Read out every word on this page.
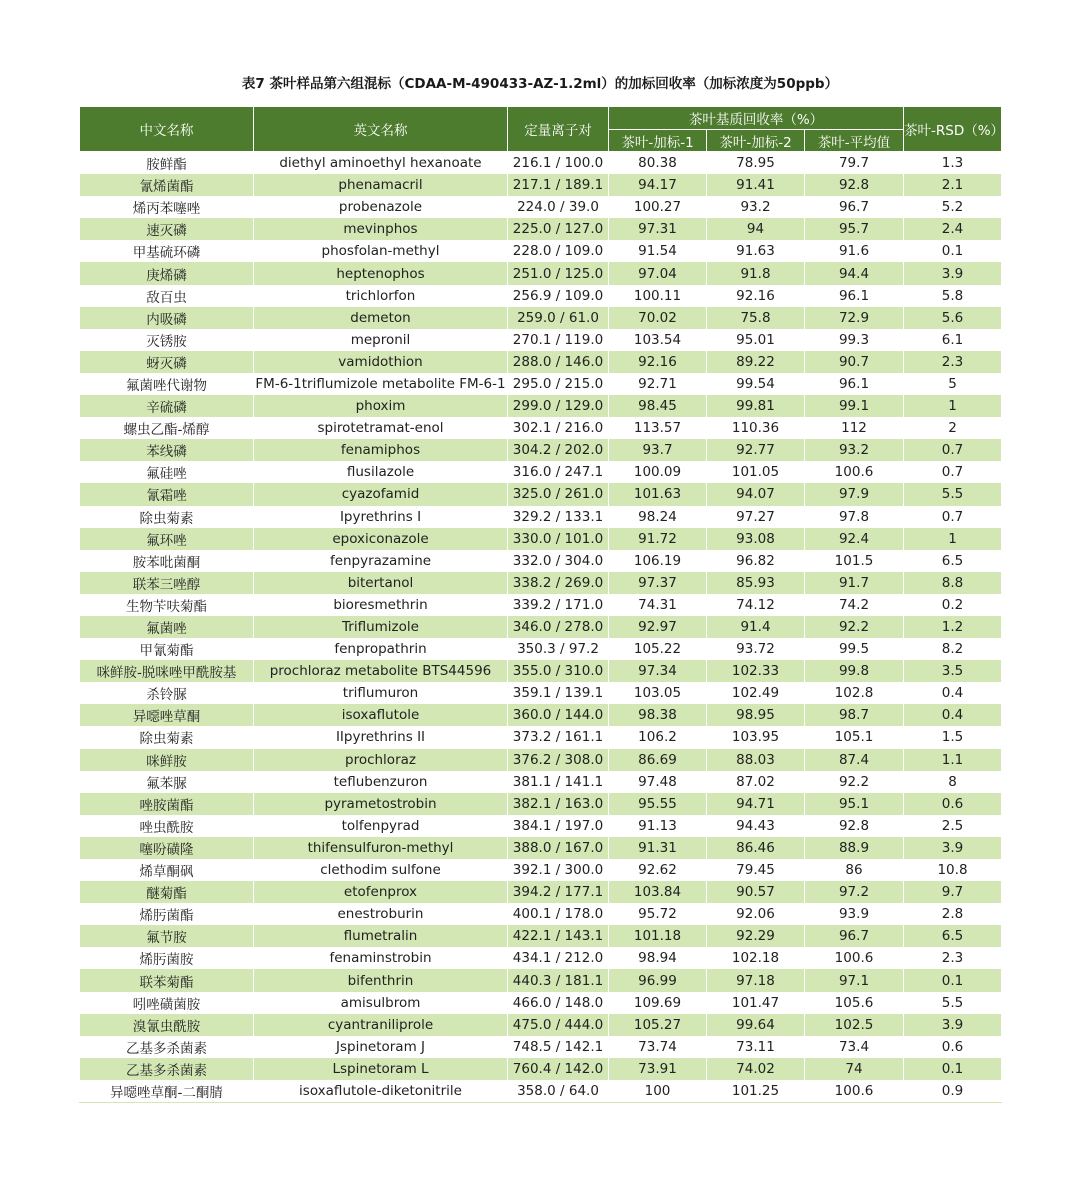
表7 茶叶样品第六组混标（CDAA-M-490433-AZ-1.2ml）的加标回收率（加标浓度为50ppb）
中文名称	英文名称	定量离子对	茶叶基质回收率（%）			茶叶-RSD（%）
			茶叶-加标-1	茶叶-加标-2	茶叶-平均值	
胺鲜酯	diethyl aminoethyl hexanoate	216.1 / 100.0	80.38	78.95	79.7	1.3
氰烯菌酯	phenamacril	217.1 / 189.1	94.17	91.41	92.8	2.1
烯丙苯噻唑	probenazole	224.0 / 39.0	100.27	93.2	96.7	5.2
速灭磷	mevinphos	225.0 / 127.0	97.31	94	95.7	2.4
甲基硫环磷	phosfolan-methyl	228.0 / 109.0	91.54	91.63	91.6	0.1
庚烯磷	heptenophos	251.0 / 125.0	97.04	91.8	94.4	3.9
敌百虫	trichlorfon	256.9 / 109.0	100.11	92.16	96.1	5.8
内吸磷	demeton	259.0 / 61.0	70.02	75.8	72.9	5.6
灭锈胺	mepronil	270.1 / 119.0	103.54	95.01	99.3	6.1
蚜灭磷	vamidothion	288.0 / 146.0	92.16	89.22	90.7	2.3
氟菌唑代谢物	FM-6-1triflumizole metabolite FM-6-1	295.0 / 215.0	92.71	99.54	96.1	5
辛硫磷	phoxim	299.0 / 129.0	98.45	99.81	99.1	1
螺虫乙酯-烯醇	spirotetramat-enol	302.1 / 216.0	113.57	110.36	112	2
苯线磷	fenamiphos	304.2 / 202.0	93.7	92.77	93.2	0.7
氟硅唑	flusilazole	316.0 / 247.1	100.09	101.05	100.6	0.7
氰霜唑	cyazofamid	325.0 / 261.0	101.63	94.07	97.9	5.5
除虫菊素	Ipyrethrins I	329.2 / 133.1	98.24	97.27	97.8	0.7
氟环唑	epoxiconazole	330.0 / 101.0	91.72	93.08	92.4	1
胺苯吡菌酮	fenpyrazamine	332.0 / 304.0	106.19	96.82	101.5	6.5
联苯三唑醇	bitertanol	338.2 / 269.0	97.37	85.93	91.7	8.8
生物苄呋菊酯	bioresmethrin	339.2 / 171.0	74.31	74.12	74.2	0.2
氟菌唑	Triflumizole	346.0 / 278.0	92.97	91.4	92.2	1.2
甲氰菊酯	fenpropathrin	350.3 / 97.2	105.22	93.72	99.5	8.2
咪鲜胺-脱咪唑甲酰胺基	prochloraz metabolite BTS44596	355.0 / 310.0	97.34	102.33	99.8	3.5
杀铃脲	triflumuron	359.1 / 139.1	103.05	102.49	102.8	0.4
异噁唑草酮	isoxaflutole	360.0 / 144.0	98.38	98.95	98.7	0.4
除虫菊素	IIpyrethrins II	373.2 / 161.1	106.2	103.95	105.1	1.5
咪鲜胺	prochloraz	376.2 / 308.0	86.69	88.03	87.4	1.1
氟苯脲	teflubenzuron	381.1 / 141.1	97.48	87.02	92.2	8
唑胺菌酯	pyrametostrobin	382.1 / 163.0	95.55	94.71	95.1	0.6
唑虫酰胺	tolfenpyrad	384.1 / 197.0	91.13	94.43	92.8	2.5
噻吩磺隆	thifensulfuron-methyl	388.0 / 167.0	91.31	86.46	88.9	3.9
烯草酮砜	clethodim sulfone	392.1 / 300.0	92.62	79.45	86	10.8
醚菊酯	etofenprox	394.2 / 177.1	103.84	90.57	97.2	9.7
烯肟菌酯	enestroburin	400.1 / 178.0	95.72	92.06	93.9	2.8
氟节胺	flumetralin	422.1 / 143.1	101.18	92.29	96.7	6.5
烯肟菌胺	fenaminstrobin	434.1 / 212.0	98.94	102.18	100.6	2.3
联苯菊酯	bifenthrin	440.3 / 181.1	96.99	97.18	97.1	0.1
吲唑磺菌胺	amisulbrom	466.0 / 148.0	109.69	101.47	105.6	5.5
溴氰虫酰胺	cyantraniliprole	475.0 / 444.0	105.27	99.64	102.5	3.9
乙基多杀菌素	Jspinetoram J	748.5 / 142.1	73.74	73.11	73.4	0.6
乙基多杀菌素	Lspinetoram L	760.4 / 142.0	73.91	74.02	74	0.1
异噁唑草酮-二酮腈	isoxaflutole-diketonitrile	358.0 / 64.0	100	101.25	100.6	0.9
